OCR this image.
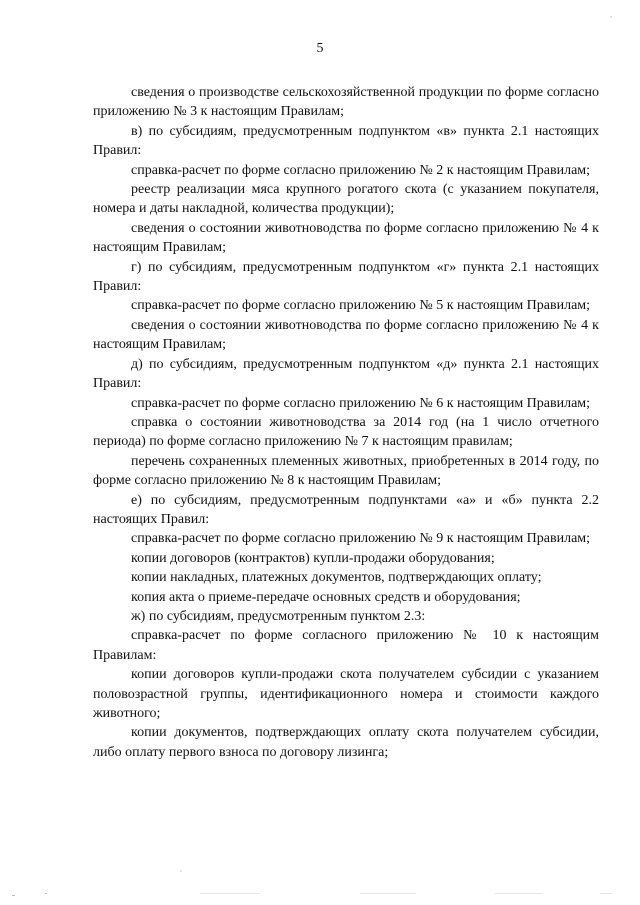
5

сведения о производстве сельскохозяйственной продукции по форме согласно приложению № 3 к настоящим Правилам;

в) по субсидиям, предусмотренным подпунктом «в» пункта 2.1 настоящих Правил:

справка-расчет по форме согласно приложению № 2 к настоящим Правилам;

реестр реализации мяса крупного рогатого скота (с указанием покупателя, номера и даты накладной, количества продукции);

сведения о состоянии животноводства по форме согласно приложению № 4 к настоящим Правилам;

г) по субсидиям, предусмотренным подпунктом «г» пункта 2.1 настоящих Правил:

справка-расчет по форме согласно приложению № 5 к настоящим Правилам;

сведения о состоянии животноводства по форме согласно приложению № 4 к настоящим Правилам;

д) по субсидиям, предусмотренным подпунктом «д» пункта 2.1 настоящих Правил:

справка-расчет по форме согласно приложению № 6 к настоящим Правилам;

справка о состоянии животноводства за 2014 год (на 1 число отчетного периода) по форме согласно приложению № 7 к настоящим правилам;

перечень сохраненных племенных животных, приобретенных в 2014 году, по форме согласно приложению № 8 к настоящим Правилам;

е) по субсидиям, предусмотренным подпунктами «а» и «б» пункта 2.2 настоящих Правил:

справка-расчет по форме согласно приложению № 9 к настоящим Правилам;

копии договоров (контрактов) купли-продажи оборудования;

копии накладных, платежных документов, подтверждающих оплату;

копия акта о приеме-передаче основных средств и оборудования;

ж) по субсидиям, предусмотренным пунктом 2.3:

справка-расчет по форме согласного приложению № 10 к настоящим Правилам:

копии договоров купли-продажи скота получателем субсидии с указанием половозрастной группы, идентификационного номера и стоимости каждого животного;

копии документов, подтверждающих оплату скота получателем субсидии, либо оплату первого взноса по договору лизинга;
